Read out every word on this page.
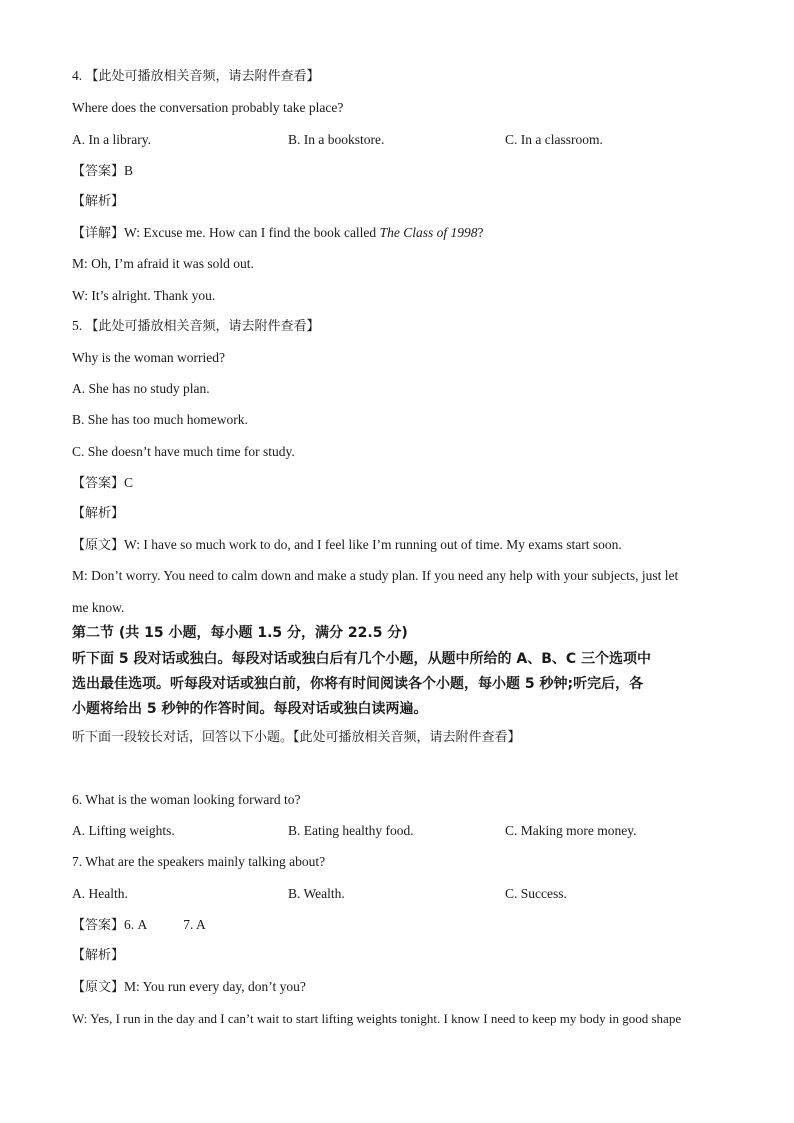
4. 【此处可播放相关音频，请去附件查看】
Where does the conversation probably take place?
A. In a library.	B. In a bookstore.	C. In a classroom.
【答案】B
【解析】
【详解】W: Excuse me. How can I find the book called The Class of 1998?
M: Oh, I’m afraid it was sold out.
W: It’s alright. Thank you.
5. 【此处可播放相关音频，请去附件查看】
Why is the woman worried?
A. She has no study plan.
B. She has too much homework.
C. She doesn’t have much time for study.
【答案】C
【解析】
【原文】W: I have so much work to do, and I feel like I’m running out of time. My exams start soon.
M: Don’t worry. You need to calm down and make a study plan. If you need any help with your subjects, just let
me know.
第二节 (共 15 小题，每小题 1.5 分，满分 22.5 分)
听下面 5 段对话或独白。每段对话或独白后有几个小题，从题中所给的 A、B、C 三个选项中
选出最佳选项。听每段对话或独白前，你将有时间阅读各个小题，每小题 5 秒钟;听完后，各
小题将给出 5 秒钟的作答时间。每段对话或独白读两遍。
听下面一段较长对话，回答以下小题。【此处可播放相关音频，请去附件查看】
6. What is the woman looking forward to?
A. Lifting weights.	B. Eating healthy food.	C. Making more money.
7. What are the speakers mainly talking about?
A. Health.	B. Wealth.	C. Success.
【答案】6. A	7. A
【解析】
【原文】M: You run every day, don’t you?
W: Yes, I run in the day and I can’t wait to start lifting weights tonight. I know I need to keep my body in good shape
